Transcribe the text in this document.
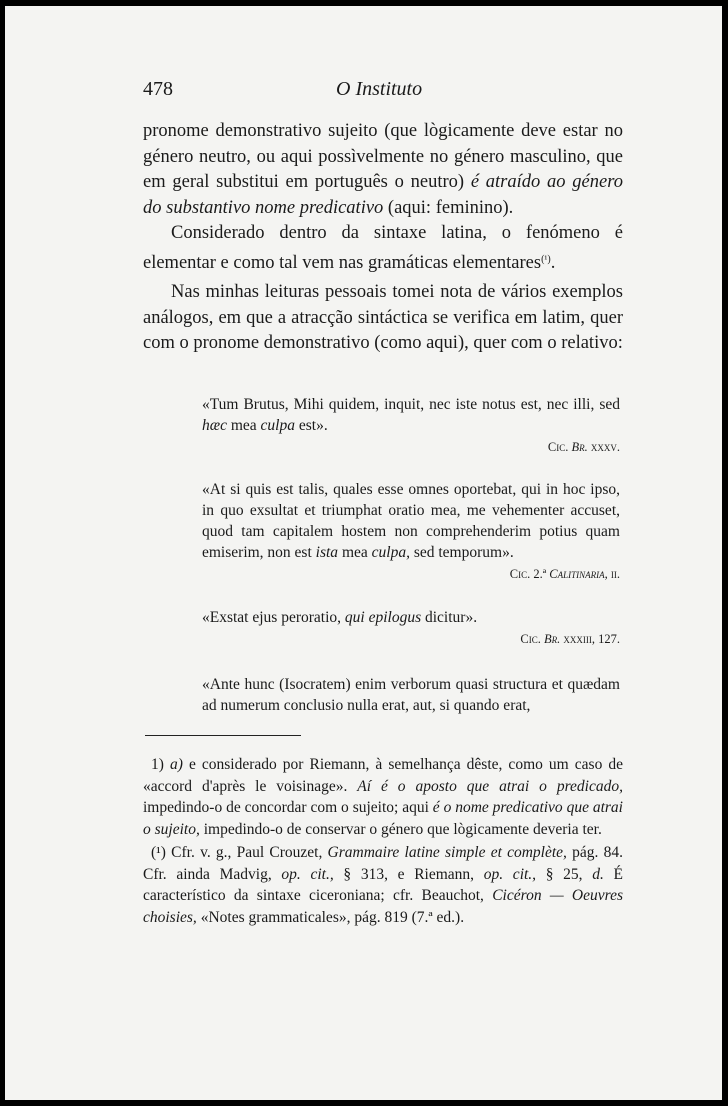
478	O Instituto

pronome demonstrativo sujeito (que lògicamente deve estar no género neutro, ou aqui possìvelmente no género masculino, que em geral substitui em português o neutro) é atraído ao género do substantivo nome predicativo (aqui: feminino).

Considerado dentro da sintaxe latina, o fenómeno é elementar e como tal vem nas gramáticas elementares$^{(^1)}$.

Nas minhas leituras pessoais tomei nota de vários exemplos análogos, em que a atracção sintáctica se verifica em latim, quer com o pronome demonstrativo (como aqui), quer com o relativo:

«Tum Brutus, Mihi quidem, inquit, nec iste notus est, nec illi, sed hæc mea culpa est».
Cic. Br. xxxv.
«At si quis est talis, quales esse omnes oportebat, qui in hoc ipso, in quo exsultat et triumphat oratio mea, me vehementer accuset, quod tam capitalem hostem non comprehenderim potius quam emiserim, non est ista mea culpa, sed temporum».
Cic. 2.ª Calitinaria, ii.
«Exstat ejus peroratio, qui epilogus dicitur».
Cic. Br. xxxiii, 127.
«Ante hunc (Isocratem) enim verborum quasi structura et quædam ad numerum conclusio nulla erat, aut, si quando erat,

1) a) e considerado por Riemann, à semelhança dêste, como um caso de «accord d'après le voisinage». Aí é o aposto que atrai o predicado, impedindo-o de concordar com o sujeito; aqui é o nome predicativo que atrai o sujeito, impedindo-o de conservar o género que lògicamente deveria ter.

(¹) Cfr. v. g., Paul Crouzet, Grammaire latine simple et complète, pág. 84. Cfr. ainda Madvig, op. cit., § 313, e Riemann, op. cit., § 25, d. É característico da sintaxe ciceroniana; cfr. Beauchot, Cicéron — Oeuvres choisies, «Notes grammaticales», pág. 819 (7.ª ed.).
